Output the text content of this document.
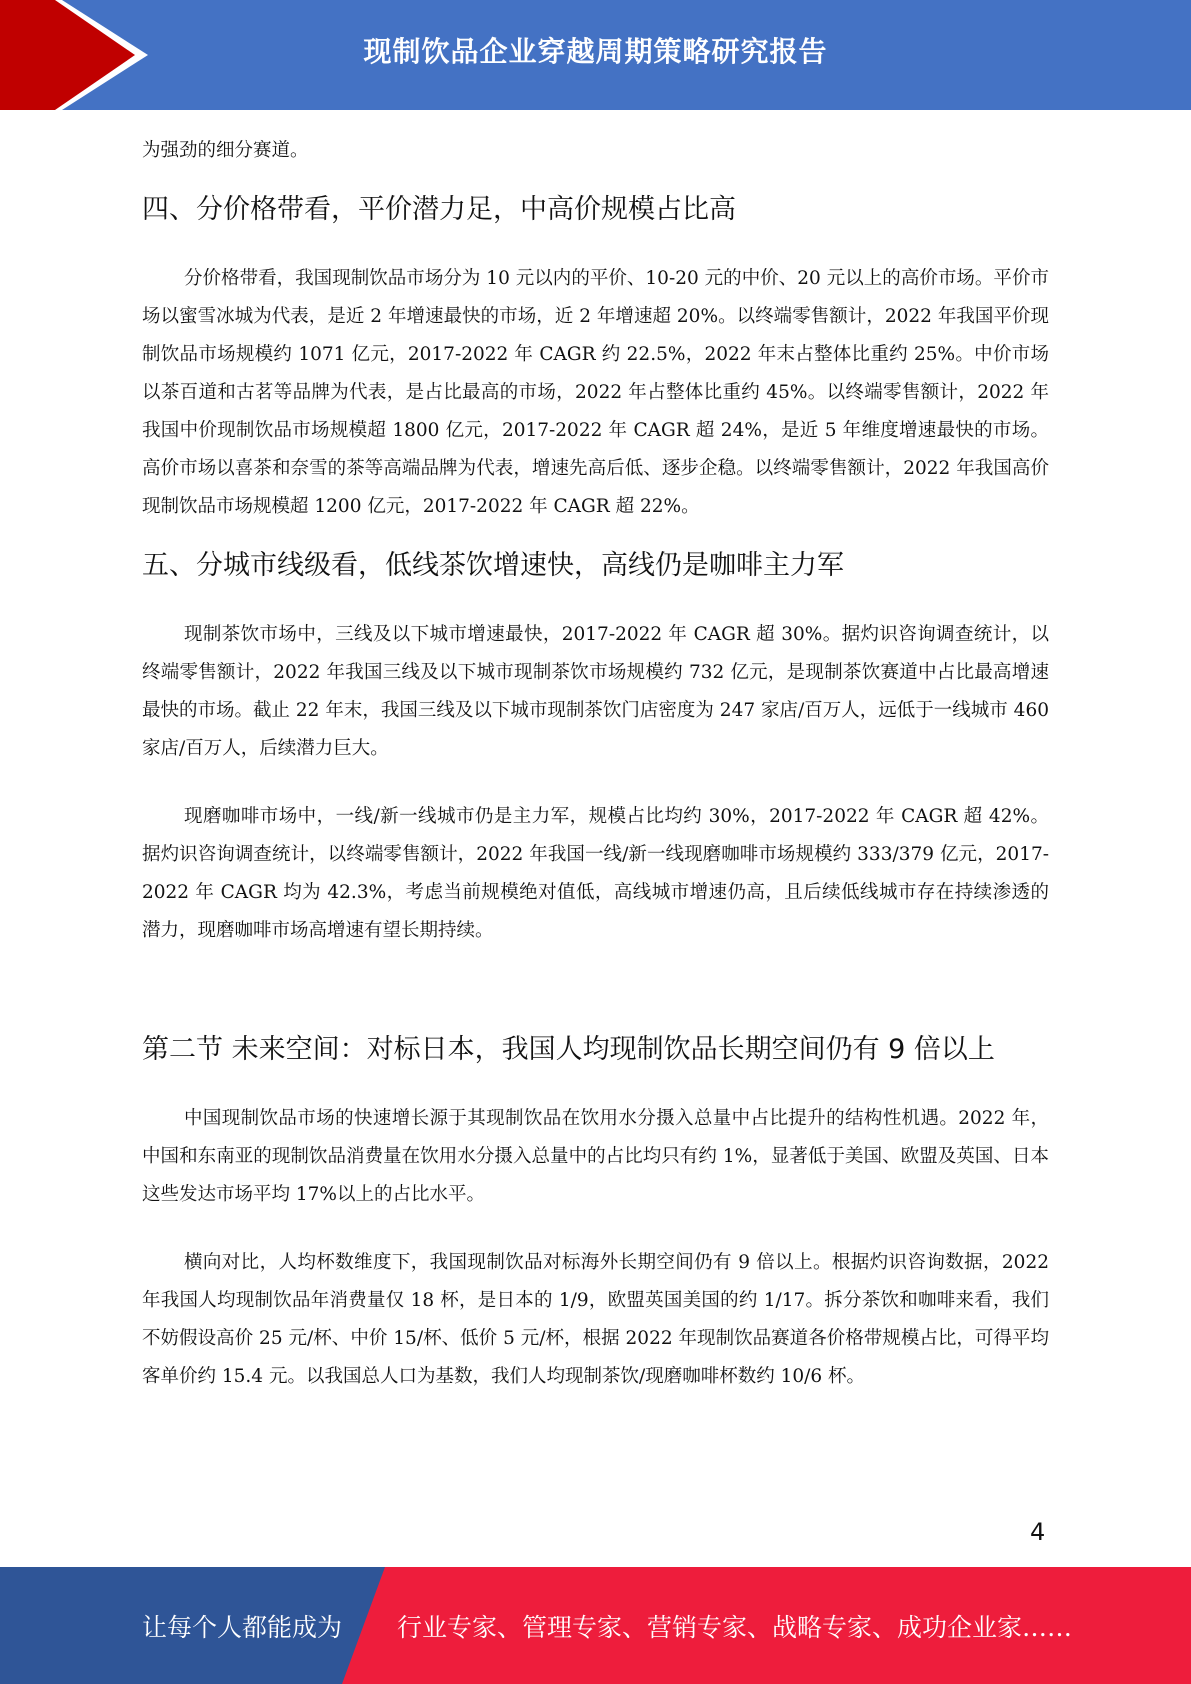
现制饮品企业穿越周期策略研究报告

为强劲的细分赛道。

四、分价格带看，平价潜力足，中高价规模占比高

分价格带看，我国现制饮品市场分为 10 元以内的平价、10-20 元的中价、20 元以上的高价市场。平价市场以蜜雪冰城为代表，是近 2 年增速最快的市场，近 2 年增速超 20%。以终端零售额计，2022 年我国平价现制饮品市场规模约 1071 亿元，2017-2022 年 CAGR 约 22.5%，2022 年末占整体比重约 25%。中价市场以茶百道和古茗等品牌为代表，是占比最高的市场，2022 年占整体比重约 45%。以终端零售额计，2022 年我国中价现制饮品市场规模超 1800 亿元，2017-2022 年 CAGR 超 24%，是近 5 年维度增速最快的市场。高价市场以喜茶和奈雪的茶等高端品牌为代表，增速先高后低、逐步企稳。以终端零售额计，2022 年我国高价现制饮品市场规模超 1200 亿元，2017-2022 年 CAGR 超 22%。

五、分城市线级看，低线茶饮增速快，高线仍是咖啡主力军

现制茶饮市场中，三线及以下城市增速最快，2017-2022 年 CAGR 超 30%。据灼识咨询调查统计，以终端零售额计，2022 年我国三线及以下城市现制茶饮市场规模约 732 亿元，是现制茶饮赛道中占比最高增速最快的市场。截止 22 年末，我国三线及以下城市现制茶饮门店密度为 247 家店/百万人，远低于一线城市 460 家店/百万人，后续潜力巨大。

现磨咖啡市场中，一线/新一线城市仍是主力军，规模占比均约 30%，2017-2022 年 CAGR 超 42%。据灼识咨询调查统计，以终端零售额计，2022 年我国一线/新一线现磨咖啡市场规模约 333/379 亿元，2017-2022 年 CAGR 均为 42.3%，考虑当前规模绝对值低，高线城市增速仍高，且后续低线城市存在持续渗透的潜力，现磨咖啡市场高增速有望长期持续。

第二节 未来空间：对标日本，我国人均现制饮品长期空间仍有 9 倍以上

中国现制饮品市场的快速增长源于其现制饮品在饮用水分摄入总量中占比提升的结构性机遇。2022 年，中国和东南亚的现制饮品消费量在饮用水分摄入总量中的占比均只有约 1%，显著低于美国、欧盟及英国、日本这些发达市场平均 17%以上的占比水平。

横向对比，人均杯数维度下，我国现制饮品对标海外长期空间仍有 9 倍以上。根据灼识咨询数据，2022 年我国人均现制饮品年消费量仅 18 杯，是日本的 1/9，欧盟英国美国的约 1/17。拆分茶饮和咖啡来看，我们不妨假设高价 25 元/杯、中价 15/杯、低价 5 元/杯，根据 2022 年现制饮品赛道各价格带规模占比，可得平均客单价约 15.4 元。以我国总人口为基数，我们人均现制茶饮/现磨咖啡杯数约 10/6 杯。

4
让每个人都能成为 行业专家、管理专家、营销专家、战略专家、成功企业家……
